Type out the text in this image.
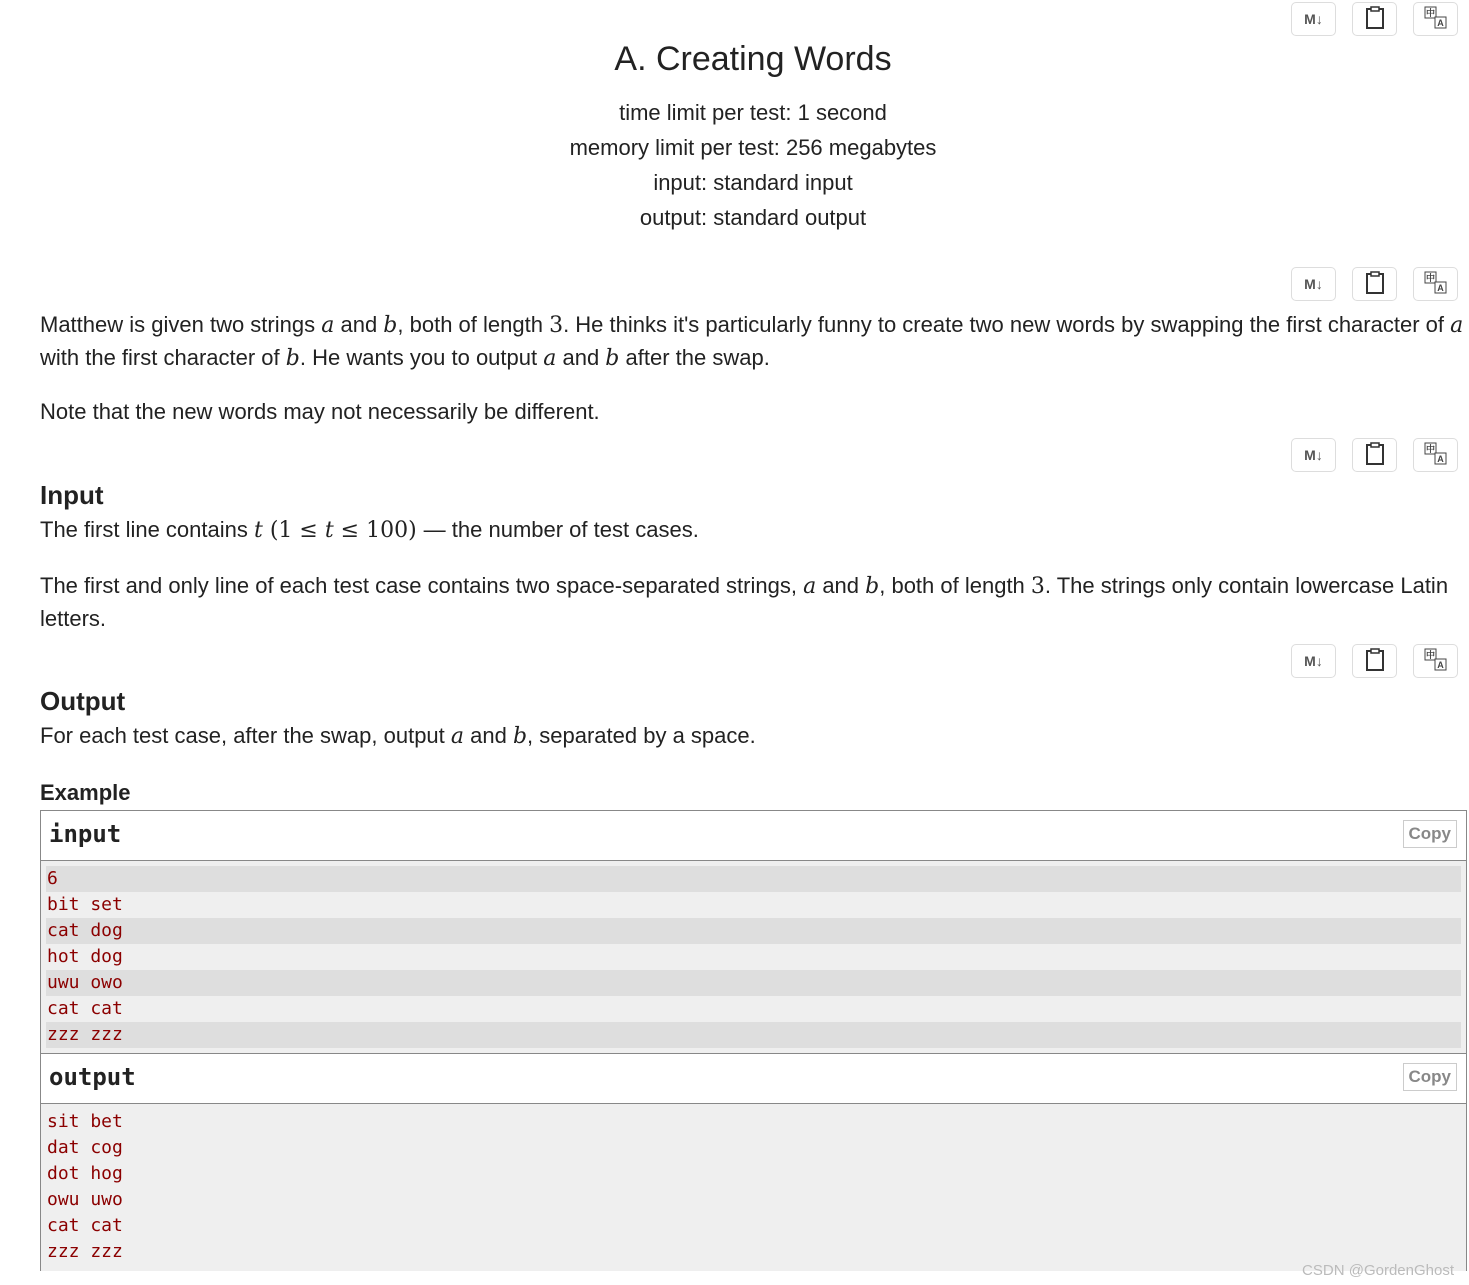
M↓	中
A
M↓	中
A
M↓	中
A
M↓	中
A
A. Creating Words
time limit per test: 1 second
memory limit per test: 256 megabytes
input: standard input
output: standard output
Matthew is given two strings a and b, both of length 3. He thinks it's particularly funny to create two new words by swapping the first character of a with the first character of b. He wants you to output a and b after the swap.
Note that the new words may not necessarily be different.
Input
The first line contains t (1 ≤ t ≤ 100) — the number of test cases.
The first and only line of each test case contains two space-separated strings, a and b, both of length 3. The strings only contain lowercase Latin letters.
Output
For each test case, after the swap, output a and b, separated by a space.
Example
input	Copy
6
bit set
cat dog
hot dog
uwu owo
cat cat
zzz zzz
output	Copy
sit bet
dat cog
dot hog
owu uwo
cat cat
zzz zzz
CSDN @GordenGhost
